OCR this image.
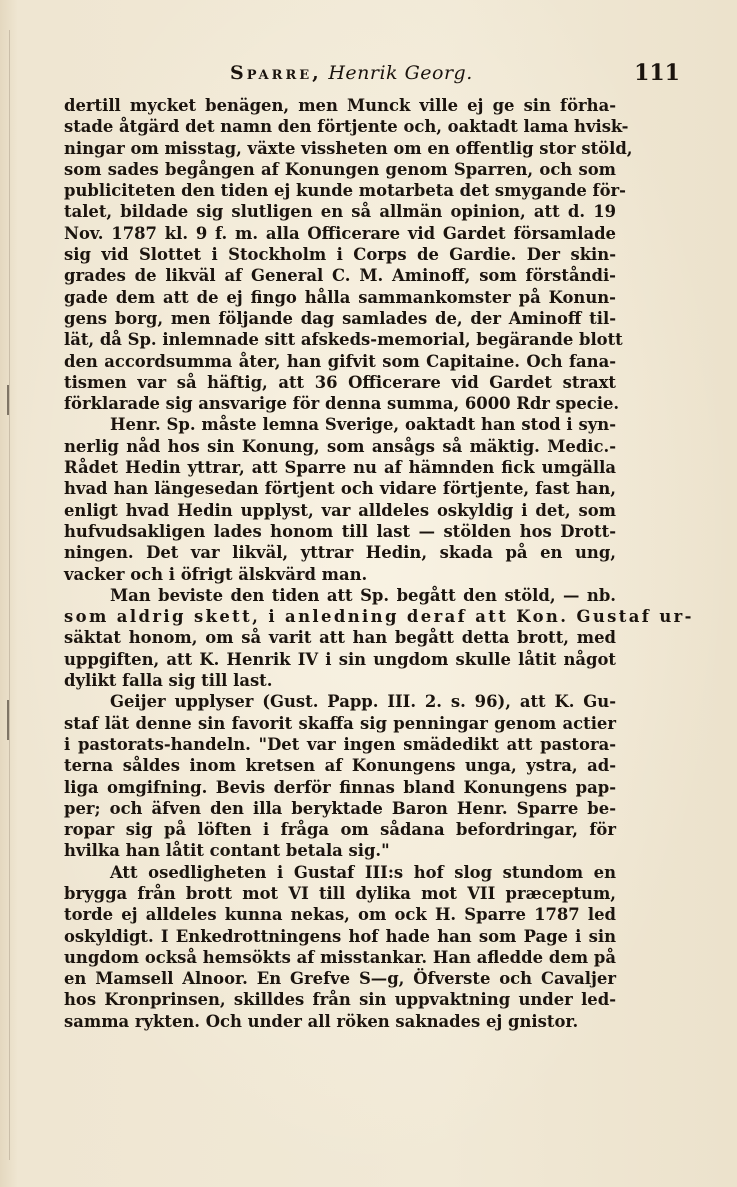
Sparre, Henrik Georg.	111
dertill mycket benägen, men Munck ville ej ge sin förha-
stade åtgärd det namn den förtjente och, oaktadt lama hvisk-
ningar om misstag, växte vissheten om en offentlig stor stöld,
som sades begången af Konungen genom Sparren, och som
publiciteten den tiden ej kunde motarbeta det smygande för-
talet, bildade sig slutligen en så allmän opinion, att d. 19
Nov. 1787 kl. 9 f. m. alla Officerare vid Gardet församlade
sig vid Slottet i Stockholm i Corps de Gardie. Der skin-
grades de likväl af General C. M. Aminoff, som förståndi-
gade dem att de ej fingo hålla sammankomster på Konun-
gens borg, men följande dag samlades de, der Aminoff til-
lät, då Sp. inlemnade sitt afskeds-memorial, begärande blott
den accordsumma åter, han gifvit som Capitaine. Och fana-
tismen var så häftig, att 36 Officerare vid Gardet straxt
förklarade sig ansvarige för denna summa, 6000 Rdr specie.
Henr. Sp. måste lemna Sverige, oaktadt han stod i syn-
nerlig nåd hos sin Konung, som ansågs så mäktig. Medic.-
Rådet Hedin yttrar, att Sparre nu af hämnden fick umgälla
hvad han längesedan förtjent och vidare förtjente, fast han,
enligt hvad Hedin upplyst, var alldeles oskyldig i det, som
hufvudsakligen lades honom till last — stölden hos Drott-
ningen. Det var likväl, yttrar Hedin, skada på en ung,
vacker och i öfrigt älskvärd man.
Man beviste den tiden att Sp. begått den stöld, — nb.
som aldrig skett, i anledning deraf att Kon. Gustaf ur-
säktat honom, om så varit att han begått detta brott, med
uppgiften, att K. Henrik IV i sin ungdom skulle låtit något
dylikt falla sig till last.
Geijer upplyser (Gust. Papp. III. 2. s. 96), att K. Gu-
staf lät denne sin favorit skaffa sig penningar genom actier
i pastorats-handeln. "Det var ingen smädedikt att pastora-
terna såldes inom kretsen af Konungens unga, ystra, ad-
liga omgifning. Bevis derför finnas bland Konungens pap-
per; och äfven den illa beryktade Baron Henr. Sparre be-
ropar sig på löften i fråga om sådana befordringar, för
hvilka han låtit contant betala sig."
Att osedligheten i Gustaf III:s hof slog stundom en
brygga från brott mot VI till dylika mot VII præceptum,
torde ej alldeles kunna nekas, om ock H. Sparre 1787 led
oskyldigt. I Enkedrottningens hof hade han som Page i sin
ungdom också hemsökts af misstankar. Han afledde dem på
en Mamsell Alnoor. En Grefve S—g, Öfverste och Cavaljer
hos Kronprinsen, skilldes från sin uppvaktning under led-
samma rykten. Och under all röken saknades ej gnistor.
